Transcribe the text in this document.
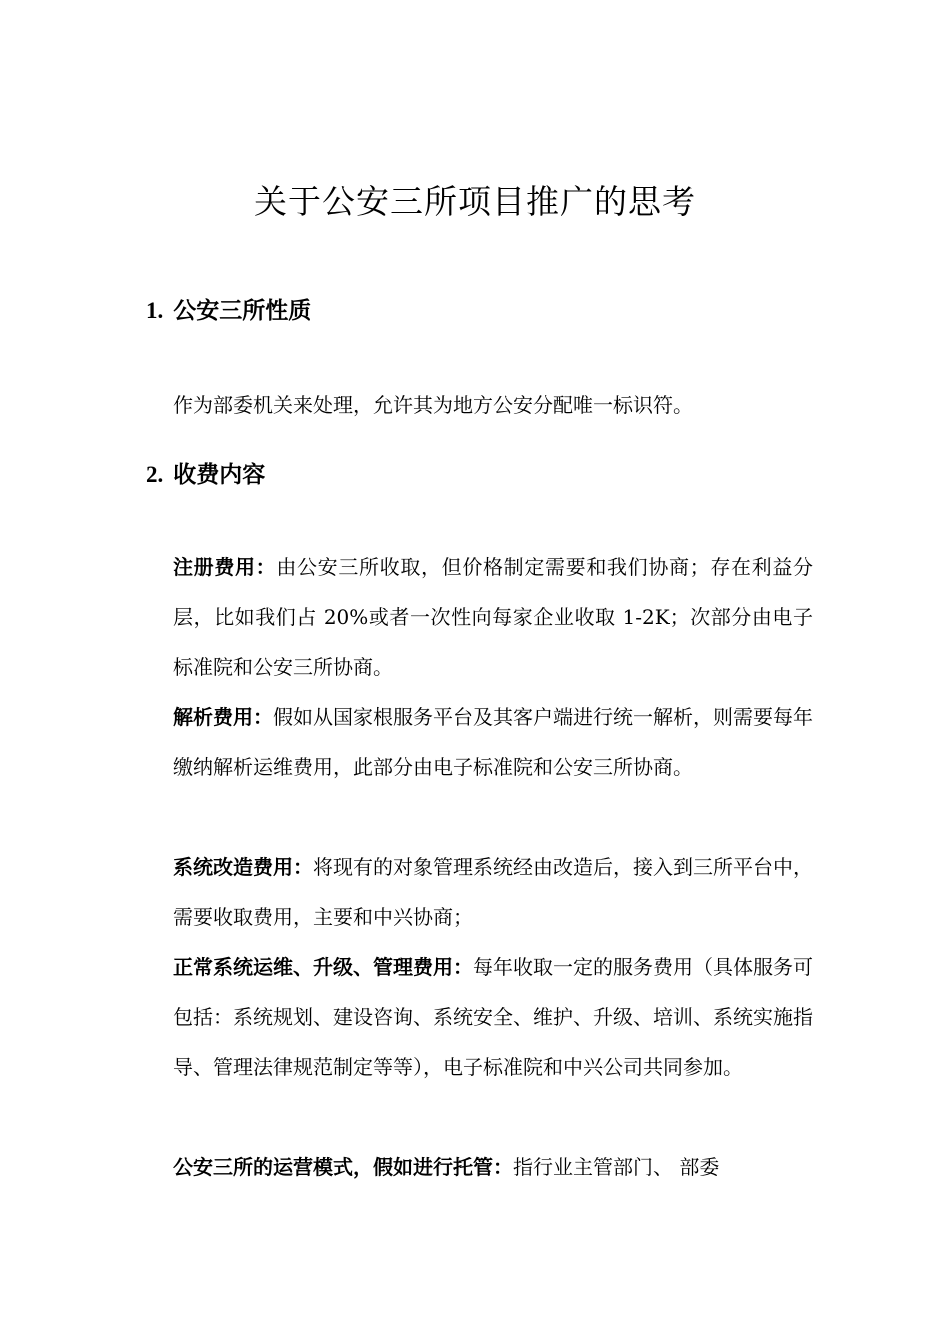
关于公安三所项目推广的思考
1. 公安三所性质

作为部委机关来处理，允许其为地方公安分配唯一标识符。

2. 收费内容

注册费用：由公安三所收取，但价格制定需要和我们协商；存在利益分层，比如我们占 20%或者一次性向每家企业收取 1-2K；次部分由电子标准院和公安三所协商。

解析费用：假如从国家根服务平台及其客户端进行统一解析，则需要每年缴纳解析运维费用，此部分由电子标准院和公安三所协商。

系统改造费用：将现有的对象管理系统经由改造后，接入到三所平台中，需要收取费用，主要和中兴协商；

正常系统运维、升级、管理费用：每年收取一定的服务费用（具体服务可包括：系统规划、建设咨询、系统安全、维护、升级、培训、系统实施指导、管理法律规范制定等等），电子标准院和中兴公司共同参加。

公安三所的运营模式，假如进行托管：指行业主管部门、 部委
